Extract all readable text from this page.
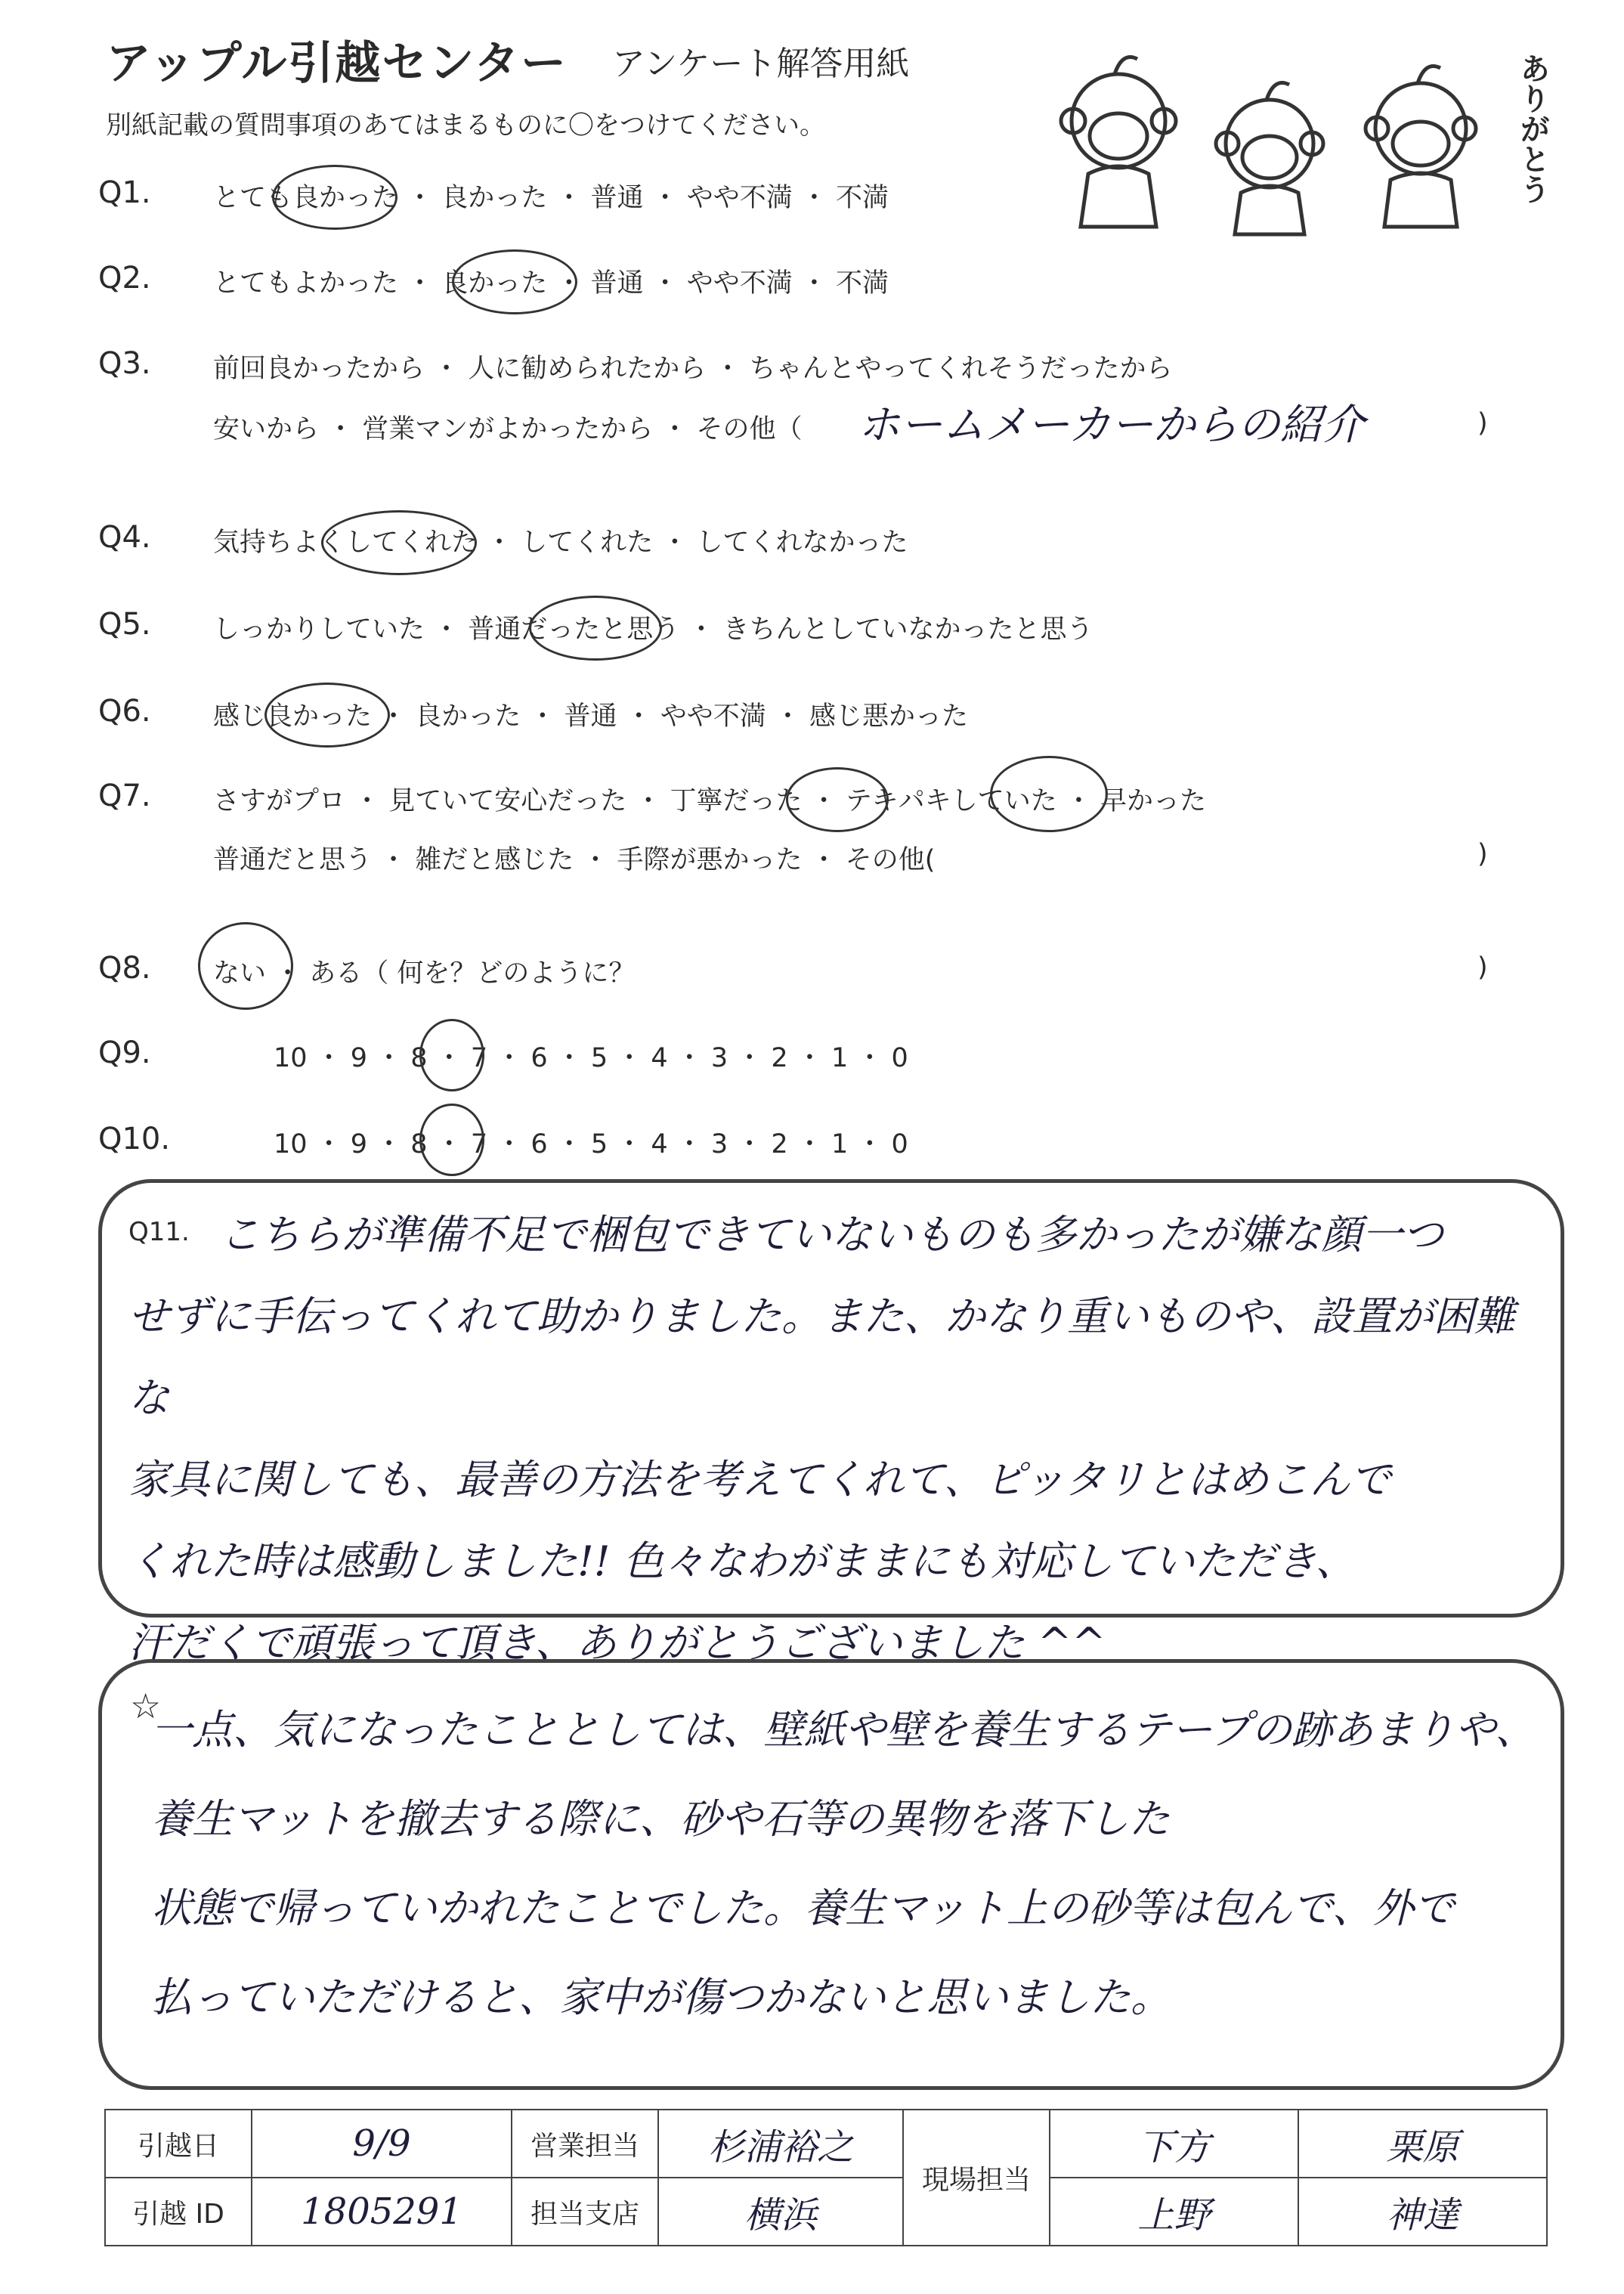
アップル引越センター アンケート解答用紙
別紙記載の質問事項のあてはまるものに〇をつけてください。	ありがとう
Q1. とても良かった ・ 良かった ・ 普通 ・ やや不満 ・ 不満
Q2. とてもよかった ・ 良かった ・ 普通 ・ やや不満 ・ 不満
Q3. 前回良かったから ・ 人に勧められたから ・ ちゃんとやってくれそうだったから
安いから ・ 営業マンがよかったから ・ その他（ ホームメーカーからの紹介	)
Q4. 気持ちよくしてくれた ・ してくれた ・ してくれなかった
Q5. しっかりしていた ・ 普通だったと思う ・ きちんとしていなかったと思う
Q6. 感じ良かった ・ 良かった ・ 普通 ・ やや不満 ・ 感じ悪かった
Q7. さすがプロ ・ 見ていて安心だった ・ 丁寧だった ・ テキパキしていた ・ 早かった
普通だと思う ・ 雑だと感じた ・ 手際が悪かった ・ その他(	)
Q8. ない ・ ある（ 何を？どのように？	)
Q9.	10 ・ 9 ・ 8 ・ 7 ・ 6 ・ 5 ・ 4 ・ 3 ・ 2 ・ 1 ・ 0
Q10.	10 ・ 9 ・ 8 ・ 7 ・ 6 ・ 5 ・ 4 ・ 3 ・ 2 ・ 1 ・ 0
Q11. こちらが準備不足で梱包できていないものも多かったが嫌な顔一つ
せずに手伝ってくれて助かりました。また、かなり重いものや、設置が困難な
家具に関しても、最善の方法を考えてくれて、ピッタリとはめこんで
くれた時は感動しました!! 色々なわがままにも対応していただき、
汗だくで頑張って頂き、ありがとうございました ^^
☆
一点、気になったこととしては、壁紙や壁を養生するテープの跡あまりや、
養生マットを撤去する際に、砂や石等の異物を落下した
状態で帰っていかれたことでした。養生マット上の砂等は包んで、外で
払っていただけると、家中が傷つかないと思いました。
引越日	9/9	営業担当	杉浦裕之	現場担当	下方	栗原
引越 ID	1805291	担当支店	横浜		上野	神達
